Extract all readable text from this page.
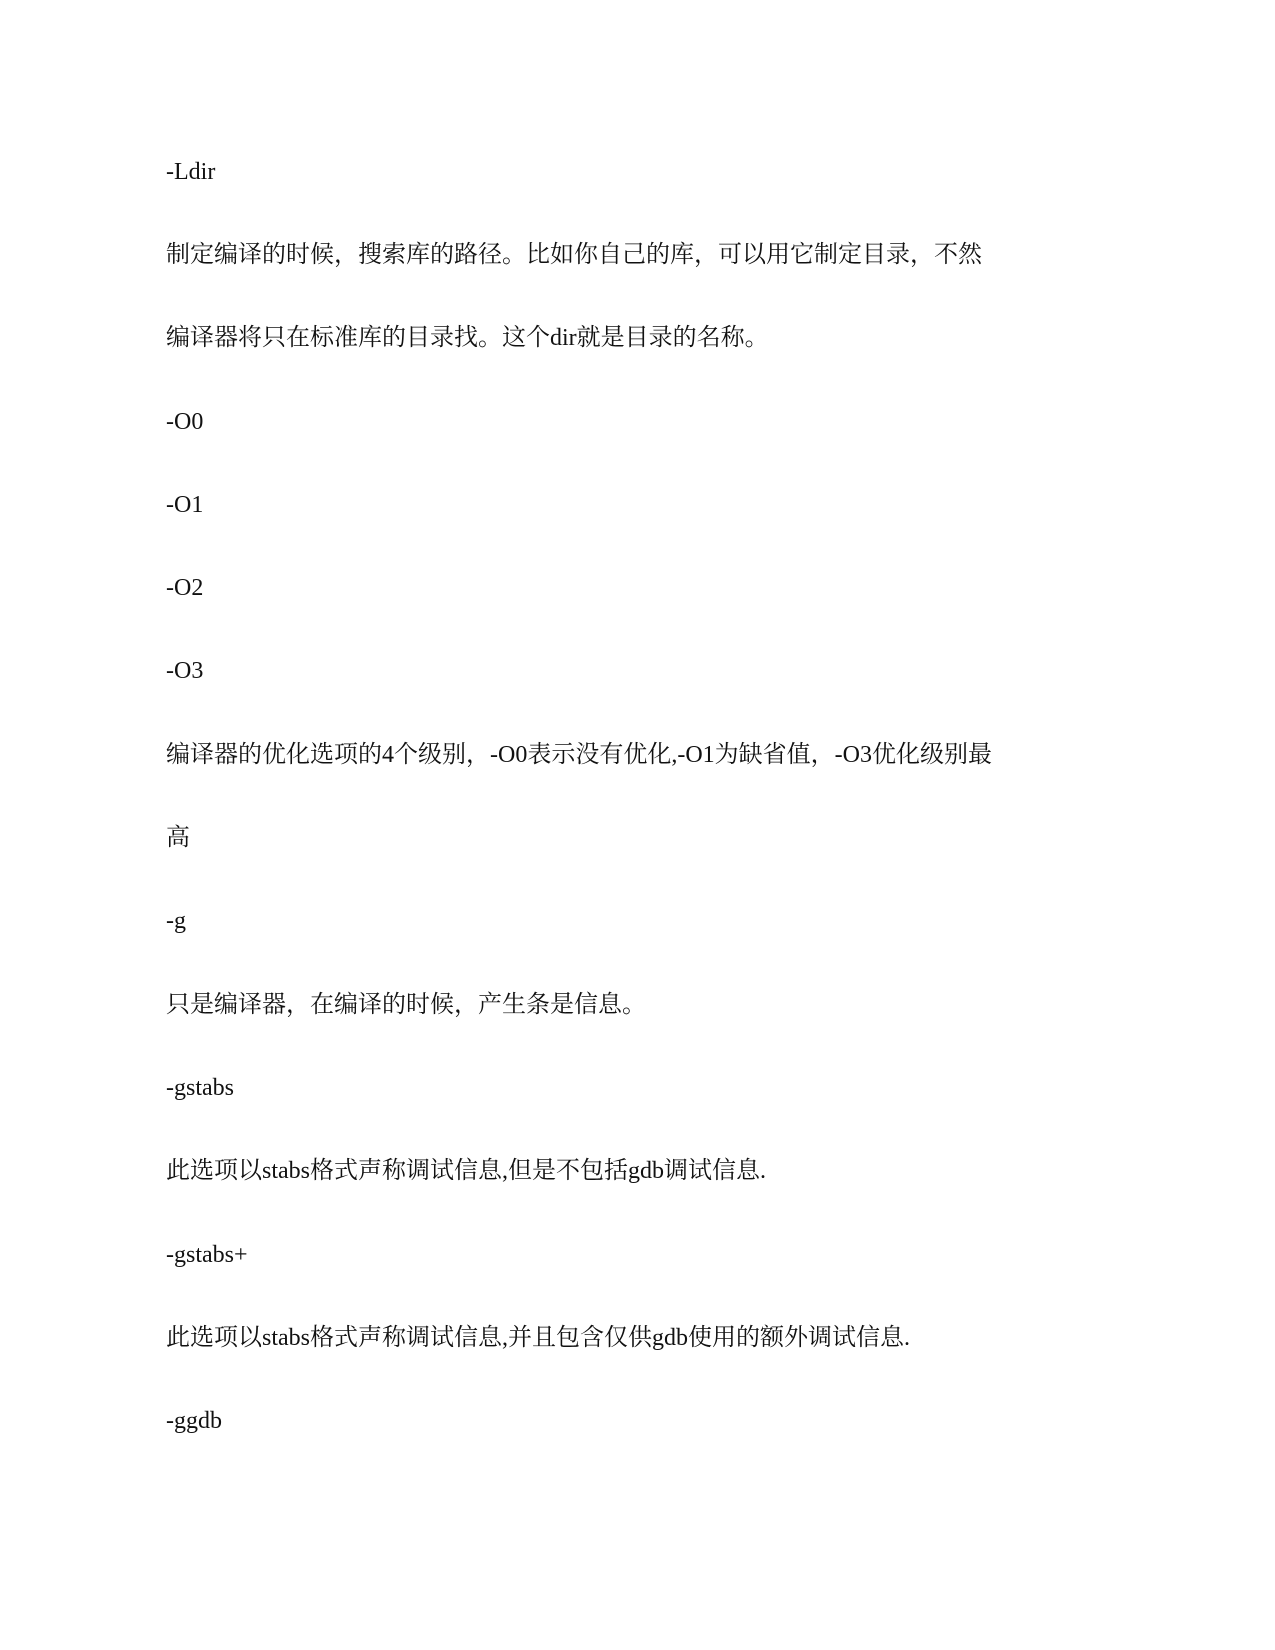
-Ldir

制定编译的时候，搜索库的路径。比如你自己的库，可以用它制定目录，不然

编译器将只在标准库的目录找。这个dir就是目录的名称。

-O0

-O1

-O2

-O3

编译器的优化选项的4个级别，-O0表示没有优化,-O1为缺省值，-O3优化级别最

高

-g

只是编译器，在编译的时候，产生条是信息。

-gstabs

此选项以stabs格式声称调试信息,但是不包括gdb调试信息.

-gstabs+

此选项以stabs格式声称调试信息,并且包含仅供gdb使用的额外调试信息.

-ggdb
